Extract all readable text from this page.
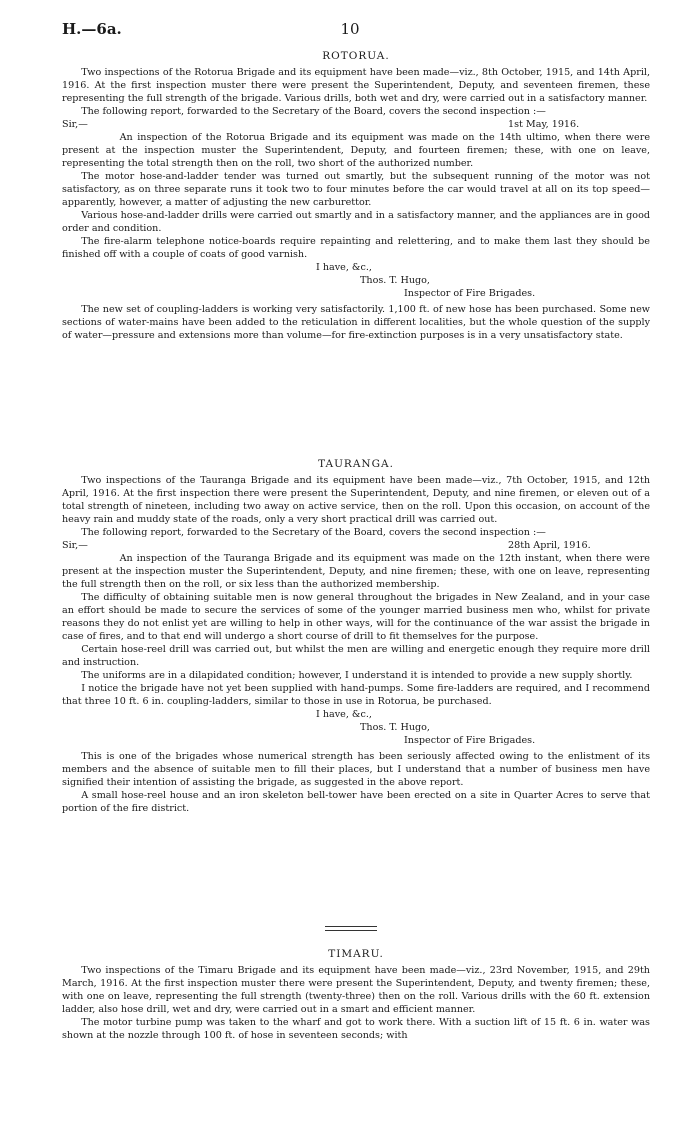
H.—6a.	10

ROTORUA.

Two inspections of the Rotorua Brigade and its equipment have been made—viz., 8th October, 1915, and 14th April, 1916. At the first inspection muster there were present the Superintendent, Deputy, and seventeen firemen, these representing the full strength of the brigade. Various drills, both wet and dry, were carried out in a satisfactory manner.

The following report, forwarded to the Secretary of the Board, covers the second inspection :—

Sir,—	1st May, 1916.

An inspection of the Rotorua Brigade and its equipment was made on the 14th ultimo, when there were present at the inspection muster the Superintendent, Deputy, and fourteen firemen; these, with one on leave, representing the total strength then on the roll, two short of the authorized number.

The motor hose-and-ladder tender was turned out smartly, but the subsequent running of the motor was not satisfactory, as on three separate runs it took two to four minutes before the car would travel at all on its top speed—apparently, however, a matter of adjusting the new carburettor.

Various hose-and-ladder drills were carried out smartly and in a satisfactory manner, and the appliances are in good order and condition.

The fire-alarm telephone notice-boards require repainting and relettering, and to make them last they should be finished off with a couple of coats of good varnish.

I have, &c.,

Thos. T. Hugo,

Inspector of Fire Brigades.

The new set of coupling-ladders is working very satisfactorily. 1,100 ft. of new hose has been purchased. Some new sections of water-mains have been added to the reticulation in different localities, but the whole question of the supply of water—pressure and extensions more than volume—for fire-extinction purposes is in a very unsatisfactory state.

TAURANGA.

Two inspections of the Tauranga Brigade and its equipment have been made—viz., 7th October, 1915, and 12th April, 1916. At the first inspection there were present the Superintendent, Deputy, and nine firemen, or eleven out of a total strength of nineteen, including two away on active service, then on the roll. Upon this occasion, on account of the heavy rain and muddy state of the roads, only a very short practical drill was carried out.

The following report, forwarded to the Secretary of the Board, covers the second inspection :—

Sir,—	28th April, 1916.

An inspection of the Tauranga Brigade and its equipment was made on the 12th instant, when there were present at the inspection muster the Superintendent, Deputy, and nine firemen; these, with one on leave, representing the full strength then on the roll, or six less than the authorized membership.

The difficulty of obtaining suitable men is now general throughout the brigades in New Zealand, and in your case an effort should be made to secure the services of some of the younger married business men who, whilst for private reasons they do not enlist yet are willing to help in other ways, will for the continuance of the war assist the brigade in case of fires, and to that end will undergo a short course of drill to fit themselves for the purpose.

Certain hose-reel drill was carried out, but whilst the men are willing and energetic enough they require more drill and instruction.

The uniforms are in a dilapidated condition; however, I understand it is intended to provide a new supply shortly.

I notice the brigade have not yet been supplied with hand-pumps. Some fire-ladders are required, and I recommend that three 10 ft. 6 in. coupling-ladders, similar to those in use in Rotorua, be purchased.

I have, &c.,

Thos. T. Hugo,

Inspector of Fire Brigades.

This is one of the brigades whose numerical strength has been seriously affected owing to the enlistment of its members and the absence of suitable men to fill their places, but I understand that a number of business men have signified their intention of assisting the brigade, as suggested in the above report.

A small hose-reel house and an iron skeleton bell-tower have been erected on a site in Quarter Acres to serve that portion of the fire district.

TIMARU.

Two inspections of the Timaru Brigade and its equipment have been made—viz., 23rd November, 1915, and 29th March, 1916. At the first inspection muster there were present the Superintendent, Deputy, and twenty firemen; these, with one on leave, representing the full strength (twenty-three) then on the roll. Various drills with the 60 ft. extension ladder, also hose drill, wet and dry, were carried out in a smart and efficient manner.

The motor turbine pump was taken to the wharf and got to work there. With a suction lift of 15 ft. 6 in. water was shown at the nozzle through 100 ft. of hose in seventeen seconds; with
